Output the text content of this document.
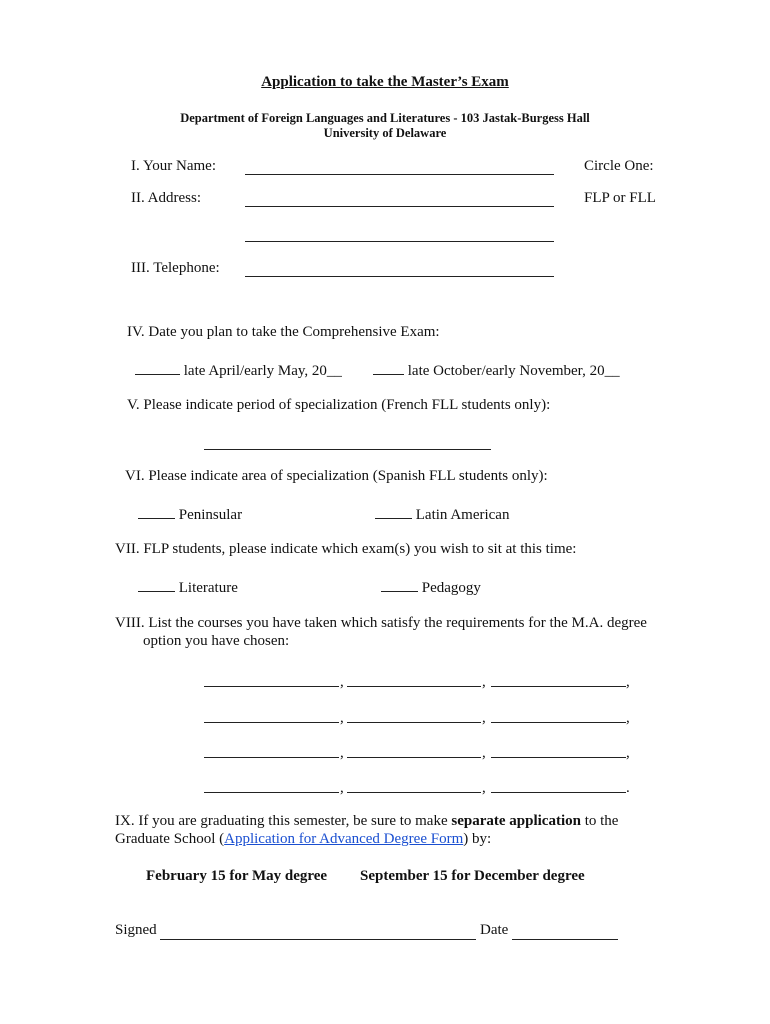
Application to take the Master’s Exam
Department of Foreign Languages and Literatures - 103 Jastak-Burgess Hall
University of Delaware
I. Your Name:	Circle One:
II. Address:	FLP or FLL
III. Telephone:
IV. Date you plan to take the Comprehensive Exam:
late April/early May, 20__	late October/early November, 20__
V. Please indicate period of specialization (French FLL students only):
VI. Please indicate area of specialization (Spanish FLL students only):
Peninsular	Latin American
VII. FLP students, please indicate which exam(s) you wish to sit at this time:
Literature	Pedagogy
VIII. List the courses you have taken which satisfy the requirements for the M.A. degree
option you have chosen:
,	,	,
,	,	,
,	,	,
,	,	.
IX. If you are graduating this semester, be sure to make separate application to the
Graduate School (Application for Advanced Degree Form) by:
February 15 for May degree September 15 for December degree
Signed	Date
